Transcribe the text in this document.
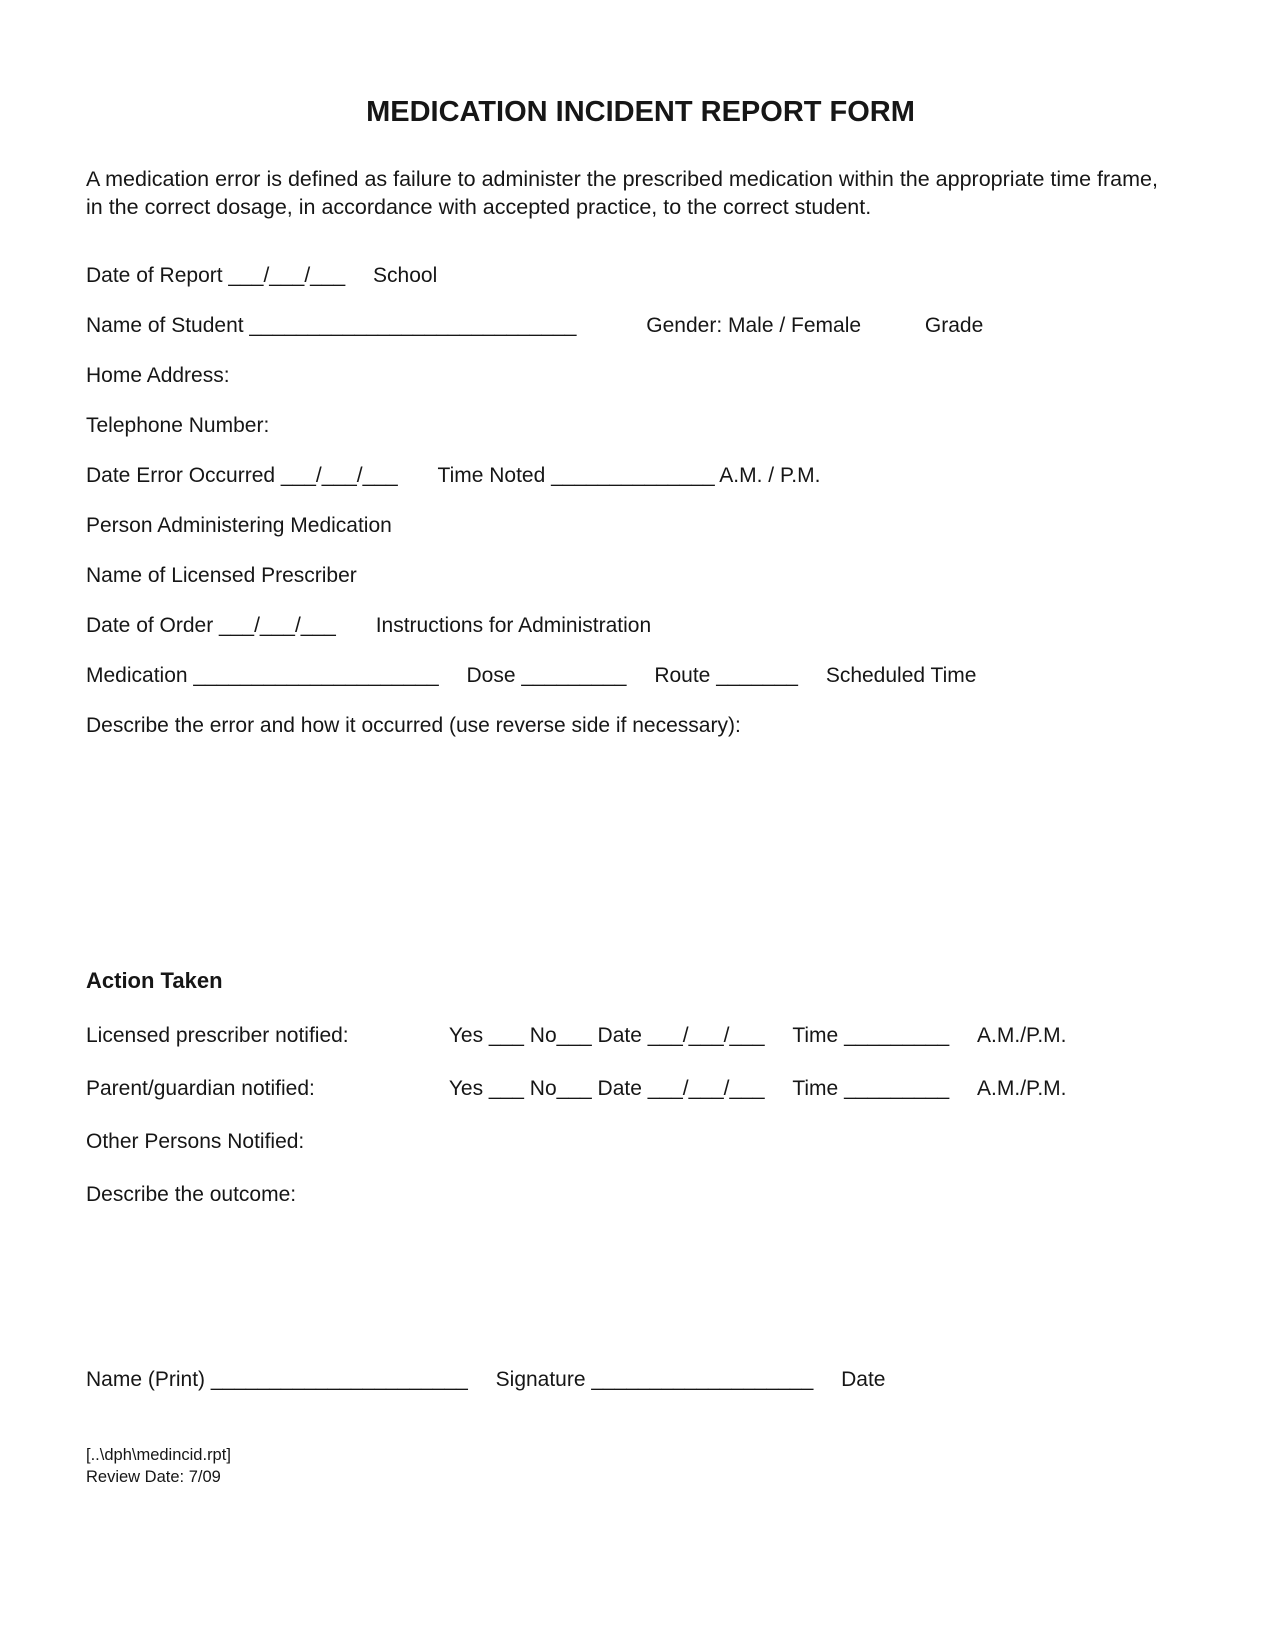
MEDICATION INCIDENT REPORT FORM

A medication error is defined as failure to administer the prescribed medication within the appropriate time frame, in the correct dosage, in accordance with accepted practice, to the correct student.

Date of Report ___/___/___ School
Name of Student ____________________________	Gender: Male / Female	Grade
Home Address:
Telephone Number:
Date Error Occurred ___/___/___ Time Noted ______________ A.M. / P.M.
Person Administering Medication
Name of Licensed Prescriber
Date of Order ___/___/___ Instructions for Administration
Medication _____________________ Dose _________ Route _______ Scheduled Time
Describe the error and how it occurred (use reverse side if necessary):
Action Taken
Licensed prescriber notified:	Yes ___ No___ Date ___/___/___ Time _________ A.M./P.M.
Parent/guardian notified:	Yes ___ No___ Date ___/___/___ Time _________ A.M./P.M.
Other Persons Notified:
Describe the outcome:
Name (Print) ______________________ Signature ___________________ Date
[..\dph\medincid.rpt]
Review Date: 7/09
